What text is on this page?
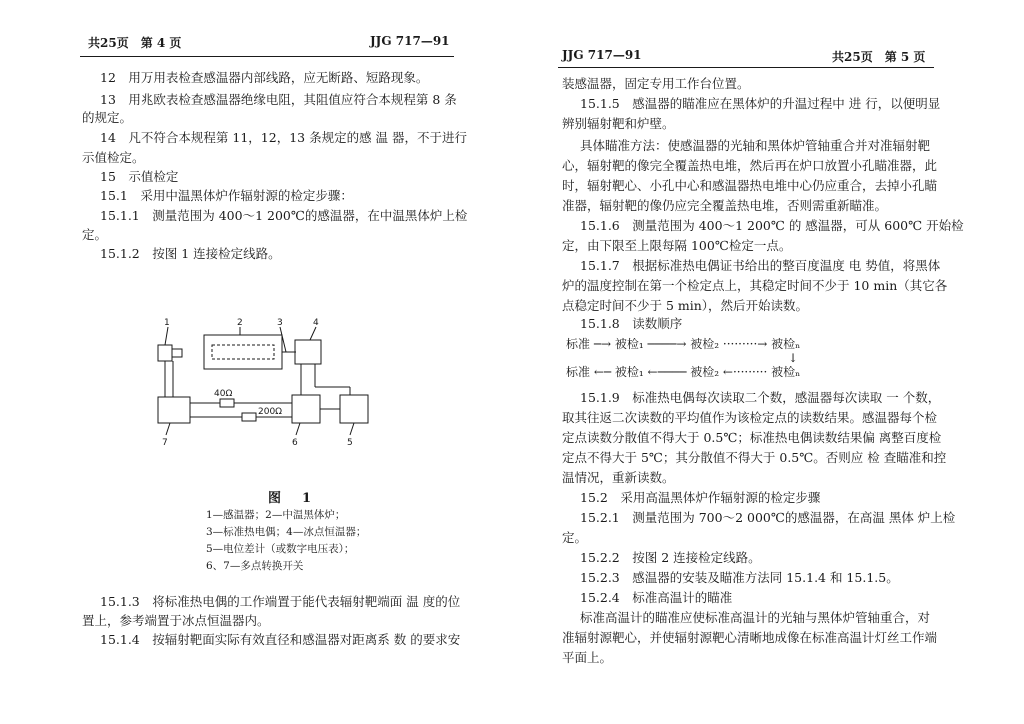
共25页　第 4 页	JJG 717—91
12　用万用表检查感温器内部线路，应无断路、短路现象。
13　用兆欧表检查感温器绝缘电阻，其阻值应符合本规程第 8 条
的规定。
14　凡不符合本规程第 11，12，13 条规定的感 温 器，不于进行
示值检定。
15　示值检定
15.1　采用中温黑体炉作辐射源的检定步骤：
15.1.1　测量范围为 400～1 200℃的感温器，在中温黑体炉上检
定。
15.1.2　按图 1 连接检定线路。
1	2	3	4
7	6	5
40Ω
200Ω
图　1
1—感温器；2—中温黑体炉；
3—标准热电偶；4—冰点恒温器；
5—电位差计（或数字电压表）；
6、7—多点转换开关
15.1.3　将标准热电偶的工作端置于能代表辐射靶端面 温 度的位
置上，参考端置于冰点恒温器内。
15.1.4　按辐射靶面实际有效直径和感温器对距离系 数 的要求安
JJG 717—91	共25页　第 5 页
装感温器，固定专用工作台位置。
15.1.5　感温器的瞄准应在黑体炉的升温过程中 进 行，以便明显
辨别辐射靶和炉壁。
具体瞄准方法：使感温器的光轴和黑体炉管轴重合并对准辐射靶
心，辐射靶的像完全覆盖热电堆，然后再在炉口放置小孔瞄准器，此
时，辐射靶心、小孔中心和感温器热电堆中心仍应重合，去掉小孔瞄
准器，辐射靶的像仍应完全覆盖热电堆，否则需重新瞄准。
15.1.6　测量范围为 400～1 200℃ 的 感温器，可从 600℃ 开始检
定，由下限至上限每隔 100℃检定一点。
15.1.7　根据标准热电偶证书给出的整百度温度 电 势值，将黑体
炉的温度控制在第一个检定点上，其稳定时间不少于 10 min（其它各
点稳定时间不少于 5 min），然后开始读数。
15.1.8　读数顺序
标准 ─→ 被检₁ ────→ 被检₂ ·········→ 被检ₙ
↓
标准 ←─ 被检₁ ←──── 被检₂ ←········· 被检ₙ
15.1.9　标准热电偶每次读取二个数，感温器每次读取 一 个数，
取其往返二次读数的平均值作为该检定点的读数结果。感温器每个检
定点读数分散值不得大于 0.5℃；标准热电偶读数结果偏 离整百度检
定点不得大于 5℃；其分散值不得大于 0.5℃。否则应 检 查瞄准和控
温情况，重新读数。
15.2　采用高温黑体炉作辐射源的检定步骤
15.2.1　测量范围为 700～2 000℃的感温器，在高温 黑体 炉上检
定。
15.2.2　按图 2 连接检定线路。
15.2.3　感温器的安装及瞄准方法同 15.1.4 和 15.1.5。
15.2.4　标准高温计的瞄准
标准高温计的瞄准应使标准高温计的光轴与黑体炉管轴重合，对
准辐射源靶心，并使辐射源靶心清晰地成像在标准高温计灯丝工作端
平面上。
